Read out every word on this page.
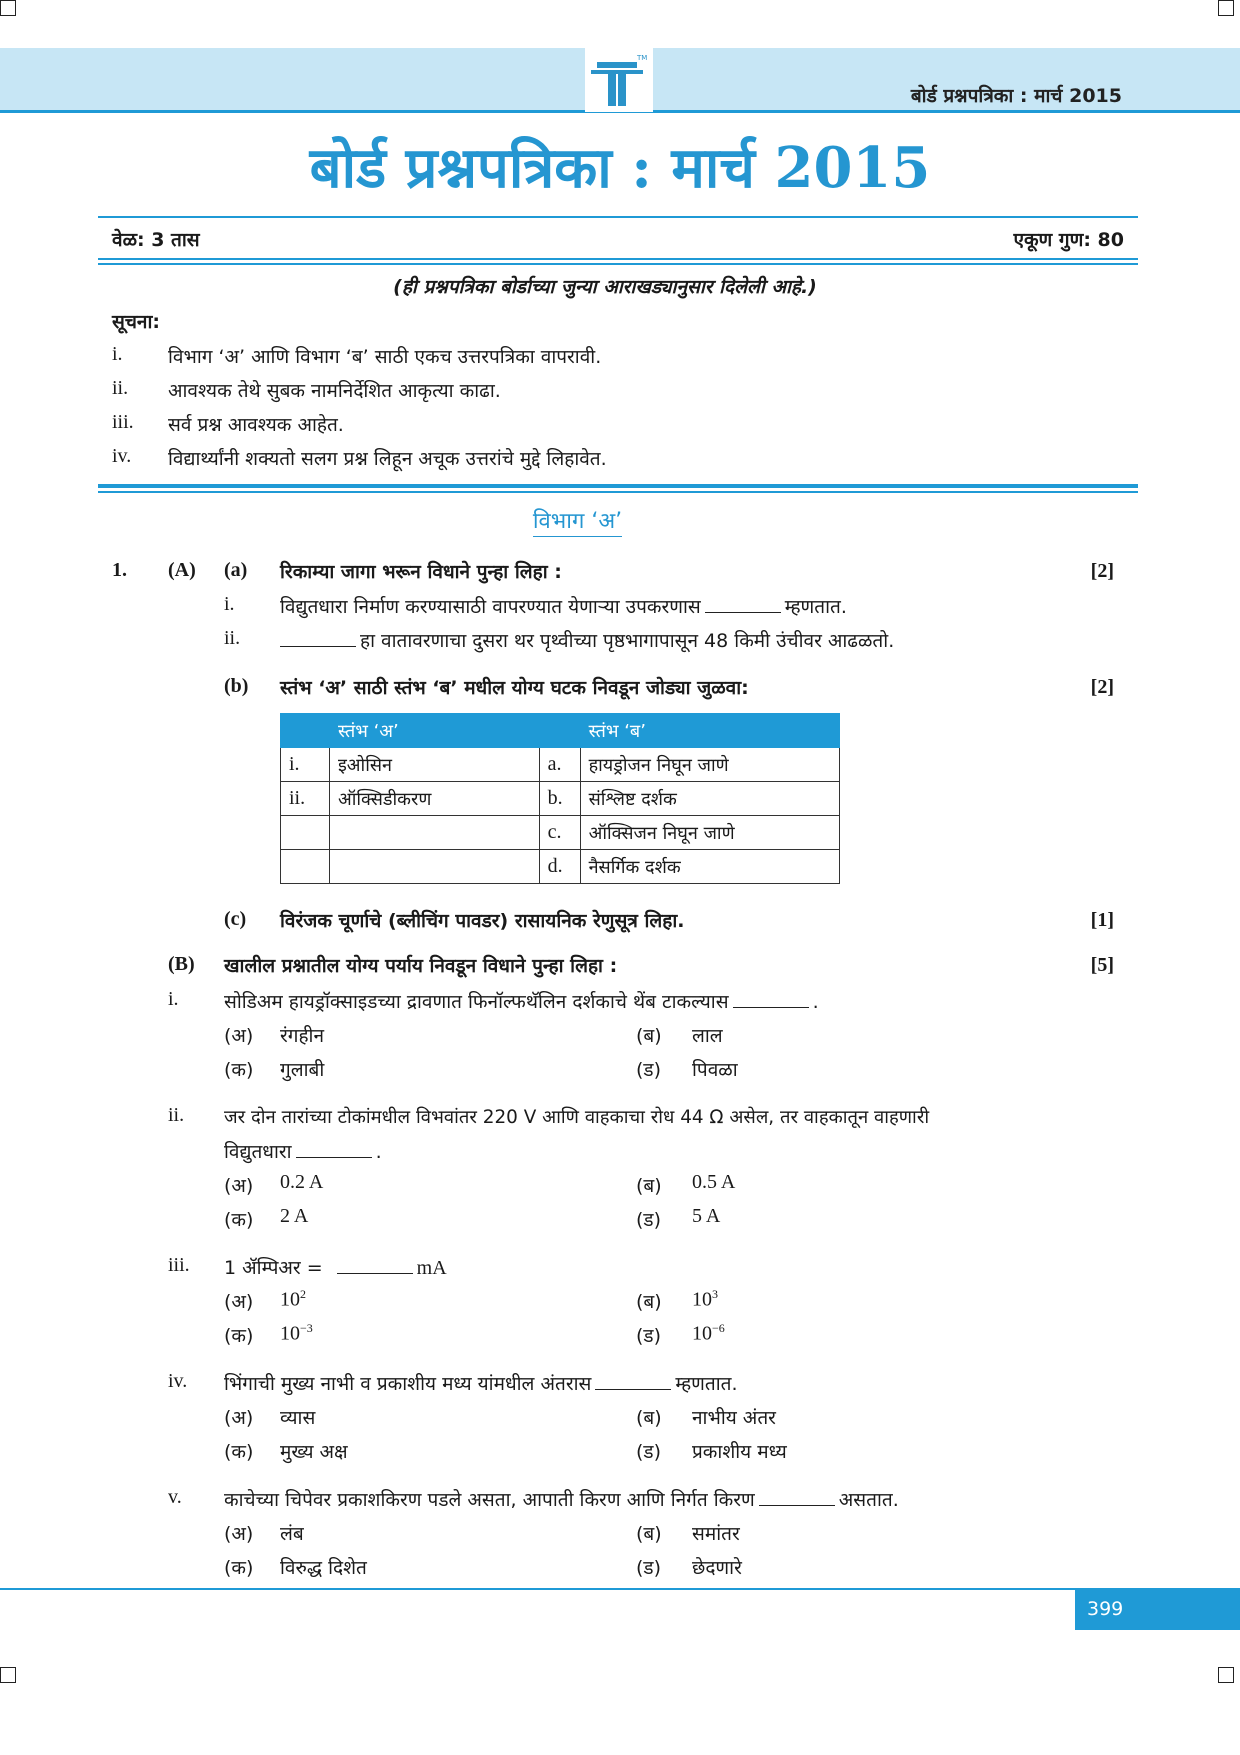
TM
बोर्ड प्रश्नपत्रिका : मार्च 2015
बोर्ड प्रश्नपत्रिका : मार्च 2015
वेळ: 3 तास	एकूण गुण: 80
(ही प्रश्नपत्रिका बोर्डाच्या जुन्या आराखड्यानुसार दिलेली आहे.)
सूचना:
i. विभाग ‘अ’ आणि विभाग ‘ब’ साठी एकच उत्तरपत्रिका वापरावी.
ii. आवश्यक तेथे सुबक नामनिर्देशित आकृत्या काढा.
iii. सर्व प्रश्न आवश्यक आहेत.
iv. विद्यार्थ्यांनी शक्यतो सलग प्रश्न लिहून अचूक उत्तरांचे मुद्दे लिहावेत.
विभाग ‘अ’
1. (A) (a) रिकाम्या जागा भरून विधाने पुन्हा लिहा :	[2]
i. विद्युतधारा निर्माण करण्यासाठी वापरण्यात येणाऱ्या उपकरणास	म्हणतात.
ii.	हा वातावरणाचा दुसरा थर पृथ्वीच्या पृष्ठभागापासून 48 किमी उंचीवर आढळतो.
(b) स्तंभ ‘अ’ साठी स्तंभ ‘ब’ मधील योग्य घटक निवडून जोड्या जुळवा:	[2]
	स्तंभ ‘अ’		स्तंभ ‘ब’
i.	इओसिन	a.	हायड्रोजन निघून जाणे
ii.	ऑक्सिडीकरण	b.	संश्लिष्ट दर्शक
		c.	ऑक्सिजन निघून जाणे
		d.	नैसर्गिक दर्शक
(c) विरंजक चूर्णाचे (ब्लीचिंग पावडर) रासायनिक रेणुसूत्र लिहा.	[1]
(B) खालील प्रश्नातील योग्य पर्याय निवडून विधाने पुन्हा लिहा :	[5]
i. सोडिअम हायड्रॉक्साइडच्या द्रावणात फिनॉल्फथॅलिन दर्शकाचे थेंब टाकल्यास	.
(अ) रंगहीन	(ब) लाल
(क) गुलाबी	(ड) पिवळा
ii. जर दोन तारांच्या टोकांमधील विभवांतर 220 V आणि वाहकाचा रोध 44 Ω असेल, तर वाहकातून वाहणारी
विद्युतधारा	.
(अ) 0.2 A	(ब) 0.5 A
(क) 2 A	(ड) 5 A
iii. 1 ॲम्पिअर =	mA
(अ) $10^2$	(ब) $10^3$
(क) $10^{-3}$	(ड) $10^{-6}$
iv. भिंगाची मुख्य नाभी व प्रकाशीय मध्य यांमधील अंतरास	म्हणतात.
(अ) व्यास	(ब) नाभीय अंतर
(क) मुख्य अक्ष	(ड) प्रकाशीय मध्य
v. काचेच्या चिपेवर प्रकाशकिरण पडले असता, आपाती किरण आणि निर्गत किरण	असतात.
(अ) लंब	(ब) समांतर
(क) विरुद्ध दिशेत	(ड) छेदणारे
399
